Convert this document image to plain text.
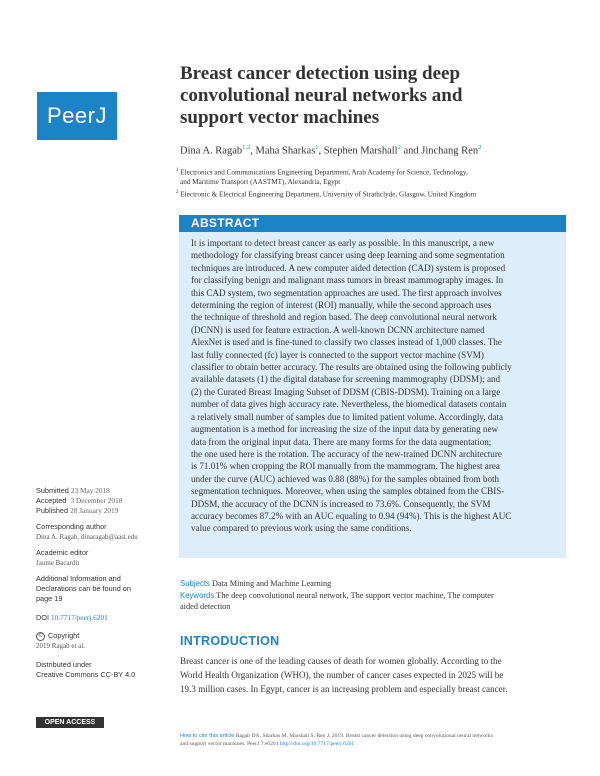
PeerJ
Breast cancer detection using deep
convolutional neural networks and
support vector machines
Dina A. Ragab$^{1,2}$, Maha Sharkas$^1$, Stephen Marshall$^2$ and Jinchang Ren$^2$
$^1$ Electronics and Communications Engineering Department, Arab Academy for Science, Technology,
and Maritime Transport (AASTMT), Alexandria, Egypt
$^2$ Electronic & Electrical Engineering Department, University of Strathclyde, Glasgow, United Kingdom
ABSTRACT
It is important to detect breast cancer as early as possible. In this manuscript, a new
methodology for classifying breast cancer using deep learning and some segmentation
techniques are introduced. A new computer aided detection (CAD) system is proposed
for classifying benign and malignant mass tumors in breast mammography images. In
this CAD system, two segmentation approaches are used. The first approach involves
determining the region of interest (ROI) manually, while the second approach uses
the technique of threshold and region based. The deep convolutional neural network
(DCNN) is used for feature extraction. A well-known DCNN architecture named
AlexNet is used and is fine-tuned to classify two classes instead of 1,000 classes. The
last fully connected (fc) layer is connected to the support vector machine (SVM)
classifier to obtain better accuracy. The results are obtained using the following publicly
available datasets (1) the digital database for screening mammography (DDSM); and
(2) the Curated Breast Imaging Subset of DDSM (CBIS-DDSM). Training on a large
number of data gives high accuracy rate. Nevertheless, the biomedical datasets contain
a relatively small number of samples due to limited patient volume. Accordingly, data
augmentation is a method for increasing the size of the input data by generating new
data from the original input data. There are many forms for the data augmentation;
the one used here is the rotation. The accuracy of the new-trained DCNN architecture
is 71.01% when cropping the ROI manually from the mammogram. The highest area
under the curve (AUC) achieved was 0.88 (88%) for the samples obtained from both
segmentation techniques. Moreover, when using the samples obtained from the CBIS-
DDSM, the accuracy of the DCNN is increased to 73.6%. Consequently, the SVM
accuracy becomes 87.2% with an AUC equaling to 0.94 (94%). This is the highest AUC
value compared to previous work using the same conditions.
Subjects Data Mining and Machine Learning
Keywords The deep convolutional neural network, The support vector machine, The computer
aided detection
INTRODUCTION
Breast cancer is one of the leading causes of death for women globally. According to the
World Health Organization (WHO), the number of cancer cases expected in 2025 will be
19.3 million cases. In Egypt, cancer is an increasing problem and especially breast cancer.
Submitted 23 May 2018
Accepted 3 December 2018
Published 28 January 2019
Corresponding author
Dina A. Ragab, dinaragab@aast.edu
Academic editor
Jaume Bacardit
Additional Information and
Declarations can be found on
page 19
DOI 10.7717/peerj.6201
© Copyright
2019 Ragab et al.
Distributed under
Creative Commons CC-BY 4.0
OPEN ACCESS
How to cite this article Ragab DA, Sharkas M, Marshall S, Ren J. 2019. Breast cancer detection using deep convolutional neural networks
and support vector machines. PeerJ 7:e6201 http://doi.org/10.7717/peerj.6201
